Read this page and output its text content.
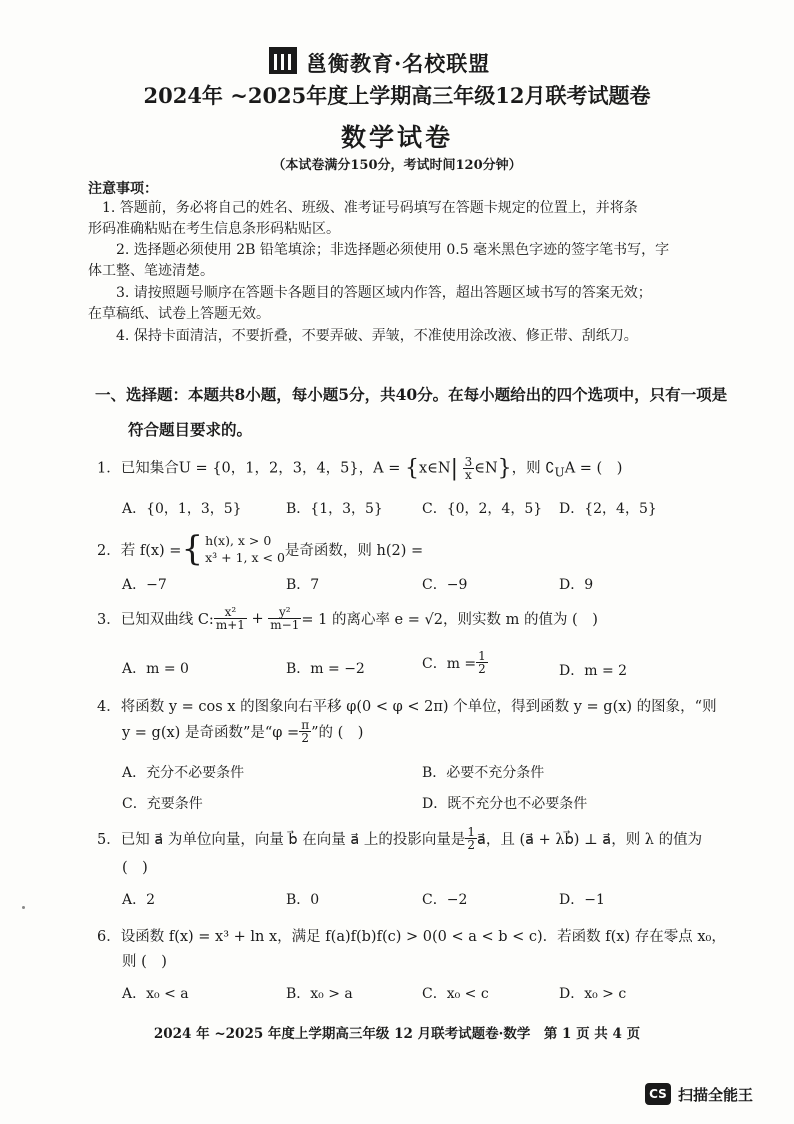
邕衡教育·名校联盟
2024年 ~2025年度上学期高三年级12月联考试题卷
数学试卷
（本试卷满分150分，考试时间120分钟）
注意事项：
1. 答题前，务必将自己的姓名、班级、准考证号码填写在答题卡规定的位置上，并将条
形码准确粘贴在考生信息条形码粘贴区。
2. 选择题必须使用 2B 铅笔填涂；非选择题必须使用 0.5 毫米黑色字迹的签字笔书写，字
体工整、笔迹清楚。
3. 请按照题号顺序在答题卡各题目的答题区域内作答，超出答题区域书写的答案无效；
在草稿纸、试卷上答题无效。
4. 保持卡面清洁，不要折叠，不要弄破、弄皱，不准使用涂改液、修正带、刮纸刀。
一、选择题：本题共8小题，每小题5分，共40分。在每小题给出的四个选项中，只有一项是
符合题目要求的。
1．已知集合U = {0，1，2，3，4，5}，A = {x∈N| $\frac{3}{x}$ ∈N}，则 $∁_UA$ = (　)
A．{0，1，3，5}	B．{1，3，5}	C．{0，2，4，5} D．{2，4，5}
2．若 f(x) = { h(x), x > 0
x³ + 1, x < 0 是奇函数，则 h(2) =
A．−7	B．7	C．−9	D．9
3．已知双曲线 C: $\frac{\text{x²}}{m+1} + \frac{\text{y²}}{m-1} = 1$ 的离心率 e = √2，则实数 m 的值为 (　)
A．m = 0	B．m = −2	C．$m = \frac{1}{2}$	D．m = 2
4．将函数 y = cos x 的图象向右平移 φ(0 < φ < 2π) 个单位，得到函数 y = g(x) 的图象，“则
y = g(x) 是奇函数”是“$\varphi = \frac{\pi}{2}$ ”的 (　)
A．充分不必要条件	B．必要不充分条件
C．充要条件	D．既不充分也不必要条件
5．已知 a⃗ 为单位向量，向量 b⃗ 在向量 a⃗ 上的投影向量是 $\frac{1}{2}$ a⃗，且 (a⃗ + λb⃗) ⊥ a⃗，则 λ 的值为
(　)
A．2	B．0	C．−2	D．−1
6．设函数 f(x) = x³ + ln x，满足 f(a)f(b)f(c) > 0(0 < a < b < c)．若函数 f(x) 存在零点 x₀，
则 (　)
A．x₀ < a	B．x₀ > a	C．x₀ < c	D．x₀ > c
2024 年 ~2025 年度上学期高三年级 12 月联考试题卷·数学　第 1 页 共 4 页
CS 扫描全能王
